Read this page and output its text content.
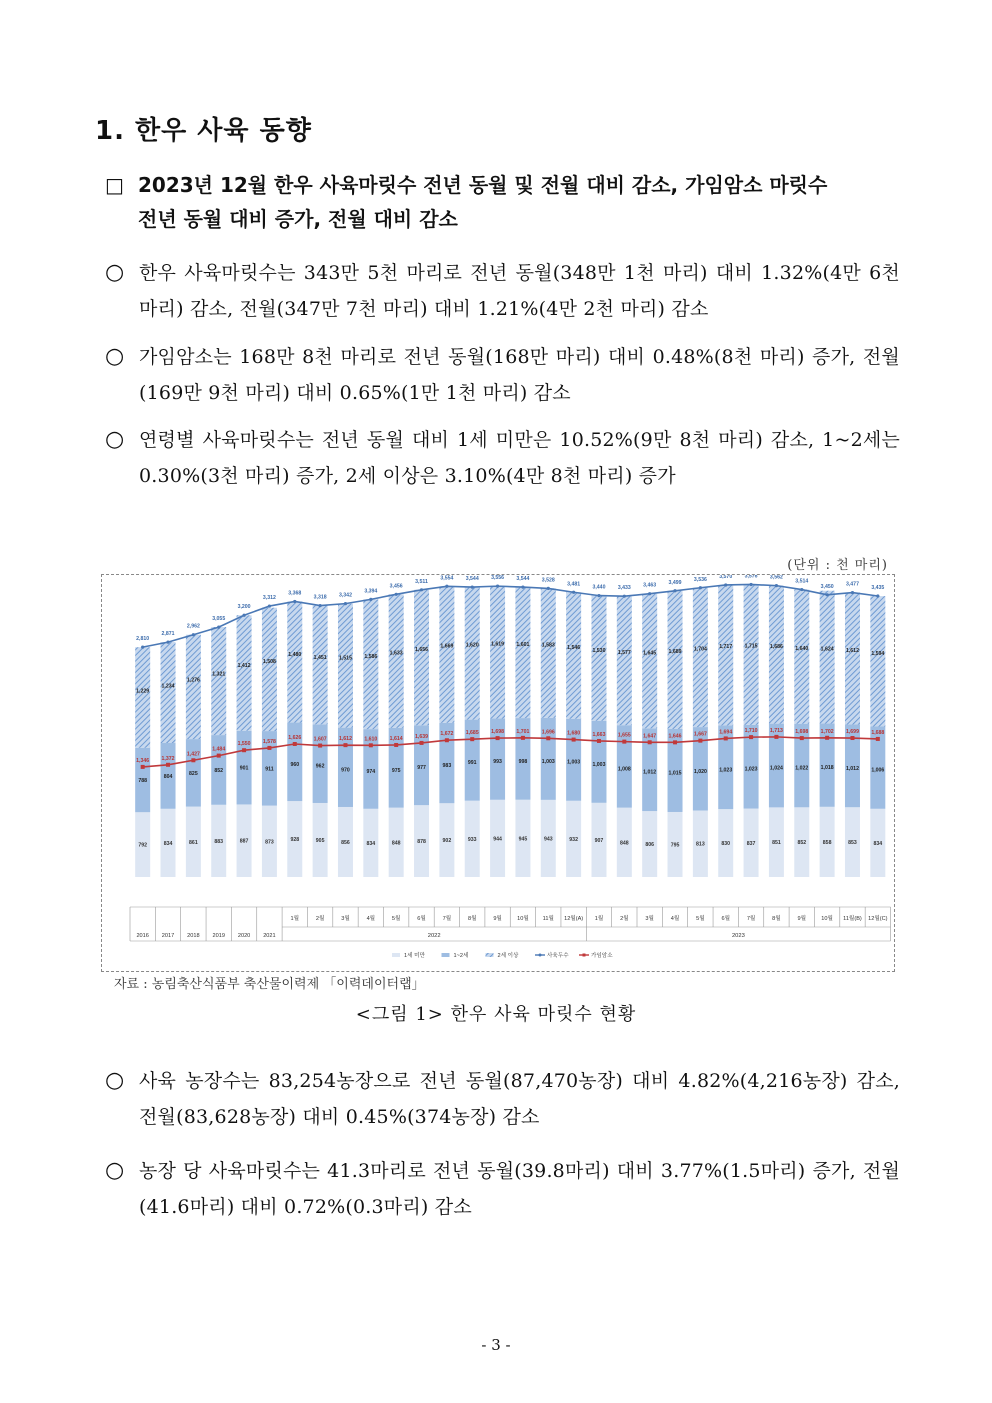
1. 한우 사육 동향
□ 2023년 12월 한우 사육마릿수 전년 동월 및 전월 대비 감소, 가임암소 마릿수
전년 동월 대비 증가, 전월 대비 감소
○ 한우 사육마릿수는 343만 5천 마리로 전년 동월(348만 1천 마리) 대비 1.32%(4만 6천 마리) 감소, 전월(347만 7천 마리) 대비 1.21%(4만 2천 마리) 감소
○ 가임암소는 168만 8천 마리로 전년 동월(168만 마리) 대비 0.48%(8천 마리) 증가, 전월(169만 9천 마리) 대비 0.65%(1만 1천 마리) 감소
○ 연령별 사육마릿수는 전년 동월 대비 1세 미만은 10.52%(9만 8천 마리) 감소, 1~2세는 0.30%(3천 마리) 증가, 2세 이상은 3.10%(4만 8천 마리) 증가
(단위 : 천 마리)
792
788
1,229
2,810
1,346
834
804
1,234
2,871
1,372
861
825
1,276
2,962
1,427
883
852
1,321
3,055
1,484
887
901
1,412
3,200
1,550
873
911
1,508
3,312
1,578
928
960
1,480
3,368
1,626
905
962
1,451
3,318
1,607
856
970
1,515
3,342
1,612
834
974
1,586
3,394
1,610
848
975
1,633
3,456
1,614
878
977
1,656
3,511
1,639
902
983
1,669
3,554
1,672
933
991
1,620
3,544
1,685
944
993
1,619
3,556
1,698
945
998
1,601
3,544
1,701
943
1,003
1,583
3,528
1,696
932
1,003
1,546
3,481
1,680
907
1,003
1,530
3,440
1,663
848
1,008
1,577
3,433
1,655
806
1,012
1,645
3,463
1,647
795
1,015
1,689
3,499
1,646
813
1,020
1,704
3,536
1,667
830
1,023
1,717
3,570
1,694
837
1,023
1,715
3,576
1,710
851
1,024
1,686
3,562
1,713
852
1,022
1,640
3,514
1,698
858
1,018
1,624
3,450
1,702
853
1,012
1,612
3,477
1,699
834
1,006
1,594
3,435
1,688
2016 2017 2018 2019 2020 2021
1월	2월	3월	4월	5월	6월	7월	8월	9월	10월 11월 12월(A) 1월	2월	3월	4월	5월	6월	7월	8월	9월	10월 11월(B) 12월(C)
2022	2023
1세 미만	1~2세	2세 이상	사육두수	가임암소
자료 : 농림축산식품부 축산물이력제 「이력데이터랩」
<그림 1> 한우 사육 마릿수 현황
○ 사육 농장수는 83,254농장으로 전년 동월(87,470농장) 대비 4.82%(4,216농장) 감소, 전월(83,628농장) 대비 0.45%(374농장) 감소
○ 농장 당 사육마릿수는 41.3마리로 전년 동월(39.8마리) 대비 3.77%(1.5마리) 증가, 전월(41.6마리) 대비 0.72%(0.3마리) 감소
- 3 -
